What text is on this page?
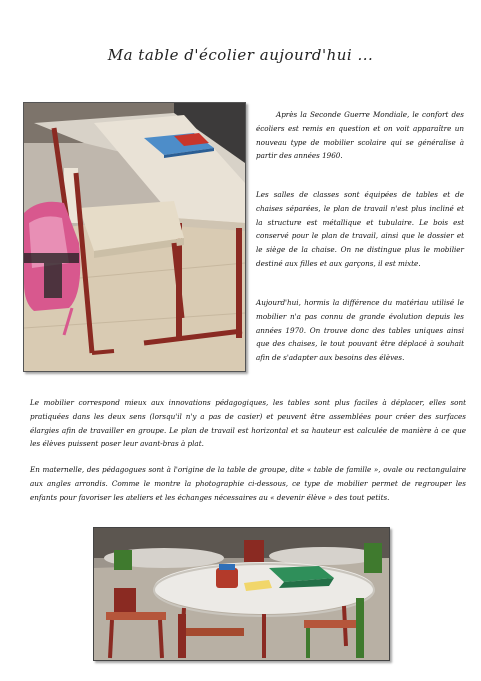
Ma table d'écolier aujourd'hui ...

Après la Seconde Guerre Mondiale, le confort des écoliers est remis en question et on voit apparaître un nouveau type de mobilier scolaire qui se généralise à partir des années 1960.

Les salles de classes sont équipées de tables et de chaises séparées, le plan de travail n'est plus incliné et la structure est métallique et tubulaire. Le bois est conservé pour le plan de travail, ainsi que le dossier et le siège de la chaise. On ne distingue plus le mobilier destiné aux filles et aux garçons, il est mixte.

Aujourd'hui, hormis la différence du matériau utilisé le mobilier n'a pas connu de grande évolution depuis les années 1970. On trouve donc des tables uniques ainsi que des chaises, le tout pouvant être déplacé à souhait afin de s'adapter aux besoins des élèves.

Le mobilier correspond mieux aux innovations pédagogiques, les tables sont plus faciles à déplacer, elles sont pratiquées dans les deux sens (lorsqu'il n'y a pas de casier) et peuvent être assemblées pour créer des surfaces élargies afin de travailler en groupe. Le plan de travail est horizontal et sa hauteur est calculée de manière à ce que les élèves puissent poser leur avant-bras à plat.

En maternelle, des pédagogues sont à l'origine de la table de groupe, dite « table de famille », ovale ou rectangulaire aux angles arrondis. Comme le montre la photographie ci-dessous, ce type de mobilier permet de regrouper les enfants pour favoriser les ateliers et les échanges nécessaires au « devenir élève » des tout petits.
